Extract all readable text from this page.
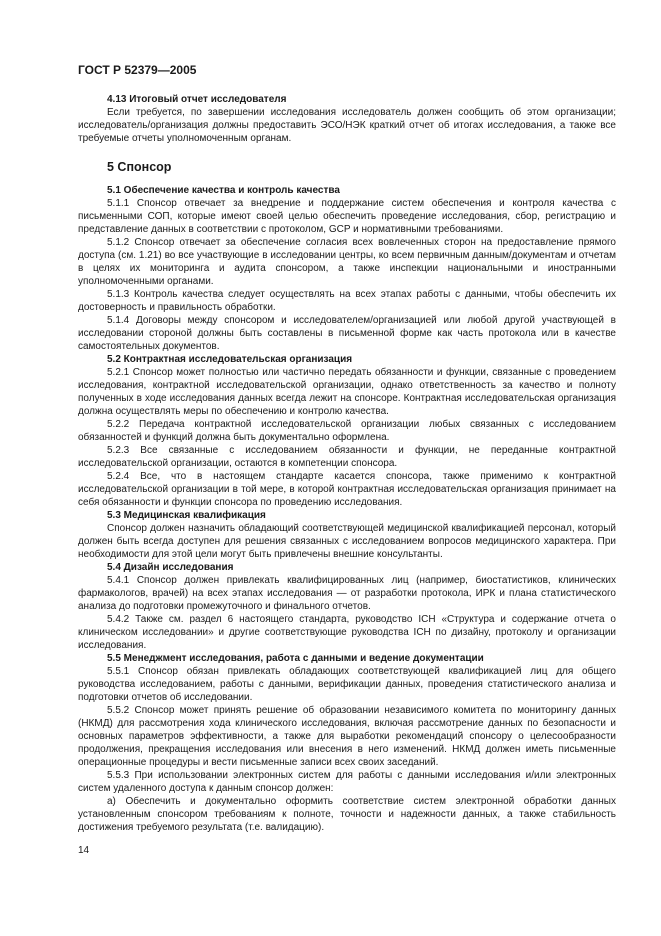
ГОСТ Р 52379—2005
4.13 Итоговый отчет исследователя

Если требуется, по завершении исследования исследователь должен сообщить об этом организации; исследователь/организация должны предоставить ЭСО/НЭК краткий отчет об итогах исследования, а также все требуемые отчеты уполномоченным органам.

5 Спонсор
5.1 Обеспечение качества и контроль качества

5.1.1 Спонсор отвечает за внедрение и поддержание систем обеспечения и контроля качества с письменными СОП, которые имеют своей целью обеспечить проведение исследования, сбор, регистрацию и представление данных в соответствии с протоколом, GCP и нормативными требованиями.

5.1.2 Спонсор отвечает за обеспечение согласия всех вовлеченных сторон на предоставление прямого доступа (см. 1.21) во все участвующие в исследовании центры, ко всем первичным данным/документам и отчетам в целях их мониторинга и аудита спонсором, а также инспекции национальными и иностранными уполномоченными органами.

5.1.3 Контроль качества следует осуществлять на всех этапах работы с данными, чтобы обеспечить их достоверность и правильность обработки.

5.1.4 Договоры между спонсором и исследователем/организацией или любой другой участвующей в исследовании стороной должны быть составлены в письменной форме как часть протокола или в качестве самостоятельных документов.

5.2 Контрактная исследовательская организация

5.2.1 Спонсор может полностью или частично передать обязанности и функции, связанные с проведением исследования, контрактной исследовательской организации, однако ответственность за качество и полноту полученных в ходе исследования данных всегда лежит на спонсоре. Контрактная исследовательская организация должна осуществлять меры по обеспечению и контролю качества.

5.2.2 Передача контрактной исследовательской организации любых связанных с исследованием обязанностей и функций должна быть документально оформлена.

5.2.3 Все связанные с исследованием обязанности и функции, не переданные контрактной исследовательской организации, остаются в компетенции спонсора.

5.2.4 Все, что в настоящем стандарте касается спонсора, также применимо к контрактной исследовательской организации в той мере, в которой контрактная исследовательская организация принимает на себя обязанности и функции спонсора по проведению исследования.

5.3 Медицинская квалификация

Спонсор должен назначить обладающий соответствующей медицинской квалификацией персонал, который должен быть всегда доступен для решения связанных с исследованием вопросов медицинского характера. При необходимости для этой цели могут быть привлечены внешние консультанты.

5.4 Дизайн исследования

5.4.1 Спонсор должен привлекать квалифицированных лиц (например, биостатистиков, клинических фармакологов, врачей) на всех этапах исследования — от разработки протокола, ИРК и плана статистического анализа до подготовки промежуточного и финального отчетов.

5.4.2 Также см. раздел 6 настоящего стандарта, руководство ICH «Структура и содержание отчета о клиническом исследовании» и другие соответствующие руководства ICH по дизайну, протоколу и организации исследования.

5.5 Менеджмент исследования, работа с данными и ведение документации

5.5.1 Спонсор обязан привлекать обладающих соответствующей квалификацией лиц для общего руководства исследованием, работы с данными, верификации данных, проведения статистического анализа и подготовки отчетов об исследовании.

5.5.2 Спонсор может принять решение об образовании независимого комитета по мониторингу данных (НКМД) для рассмотрения хода клинического исследования, включая рассмотрение данных по безопасности и основных параметров эффективности, а также для выработки рекомендаций спонсору о целесообразности продолжения, прекращения исследования или внесения в него изменений. НКМД должен иметь письменные операционные процедуры и вести письменные записи всех своих заседаний.

5.5.3 При использовании электронных систем для работы с данными исследования и/или электронных систем удаленного доступа к данным спонсор должен:

а) Обеспечить и документально оформить соответствие систем электронной обработки данных установленным спонсором требованиям к полноте, точности и надежности данных, а также стабильность достижения требуемого результата (т.е. валидацию).

14
